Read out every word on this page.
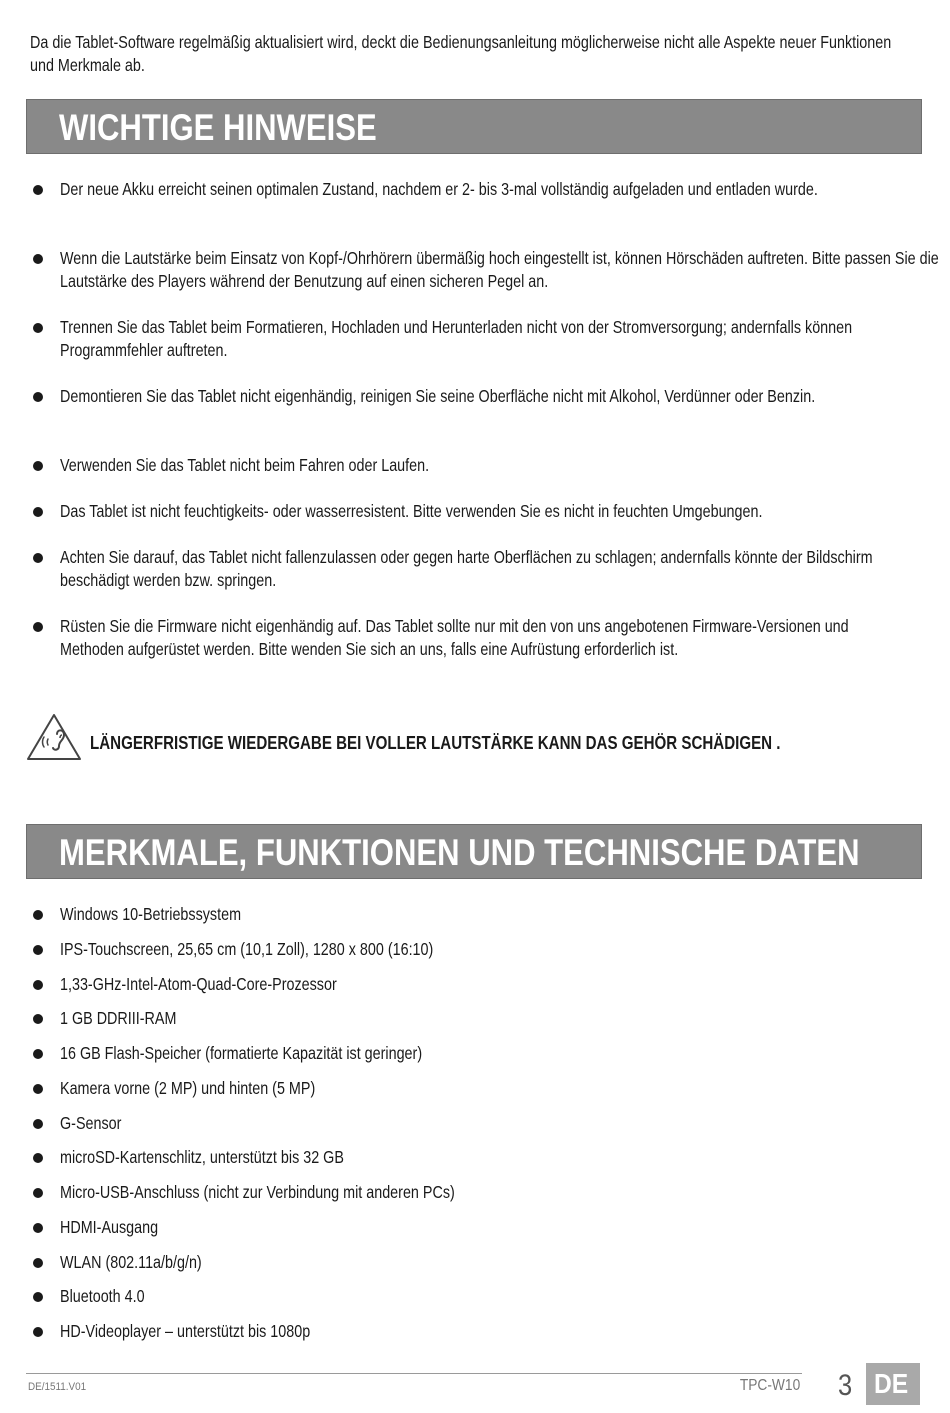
Da die Tablet-Software regelmäßig aktualisiert wird, deckt die Bedienungsanleitung möglicherweise nicht alle Aspekte neuer Funktionen und Merkmale ab.

WICHTIGE HINWEISE
Der neue Akku erreicht seinen optimalen Zustand, nachdem er 2- bis 3-mal vollständig aufgeladen und entladen wurde.
Wenn die Lautstärke beim Einsatz von Kopf-/Ohrhörern übermäßig hoch eingestellt ist, können Hörschäden auftreten. Bitte passen Sie die Lautstärke des Players während der Benutzung auf einen sicheren Pegel an.
Trennen Sie das Tablet beim Formatieren, Hochladen und Herunterladen nicht von der Stromversorgung; andernfalls können Programmfehler auftreten.
Demontieren Sie das Tablet nicht eigenhändig, reinigen Sie seine Oberfläche nicht mit Alkohol, Verdünner oder Benzin.
Verwenden Sie das Tablet nicht beim Fahren oder Laufen.
Das Tablet ist nicht feuchtigkeits- oder wasserresistent. Bitte verwenden Sie es nicht in feuchten Umgebungen.
Achten Sie darauf, das Tablet nicht fallenzulassen oder gegen harte Oberflächen zu schlagen; andernfalls könnte der Bildschirm beschädigt werden bzw. springen.
Rüsten Sie die Firmware nicht eigenhändig auf. Das Tablet sollte nur mit den von uns angebotenen Firmware-Versionen und Methoden aufgerüstet werden. Bitte wenden Sie sich an uns, falls eine Aufrüstung erforderlich ist.
LÄNGERFRISTIGE WIEDERGABE BEI VOLLER LAUTSTÄRKE KANN DAS GEHÖR SCHÄDIGEN .
MERKMALE, FUNKTIONEN UND TECHNISCHE DATEN
Windows 10-Betriebssystem
IPS-Touchscreen, 25,65 cm (10,1 Zoll), 1280 x 800 (16:10)
1,33-GHz-Intel-Atom-Quad-Core-Prozessor
1 GB DDRIII-RAM
16 GB Flash-Speicher (formatierte Kapazität ist geringer)
Kamera vorne (2 MP) und hinten (5 MP)
G-Sensor
microSD-Kartenschlitz, unterstützt bis 32 GB
Micro-USB-Anschluss (nicht zur Verbindung mit anderen PCs)
HDMI-Ausgang
WLAN (802.11a/b/g/n)
Bluetooth 4.0
HD-Videoplayer – unterstützt bis 1080p
DE/1511.V01	TPC-W10 3 DE
